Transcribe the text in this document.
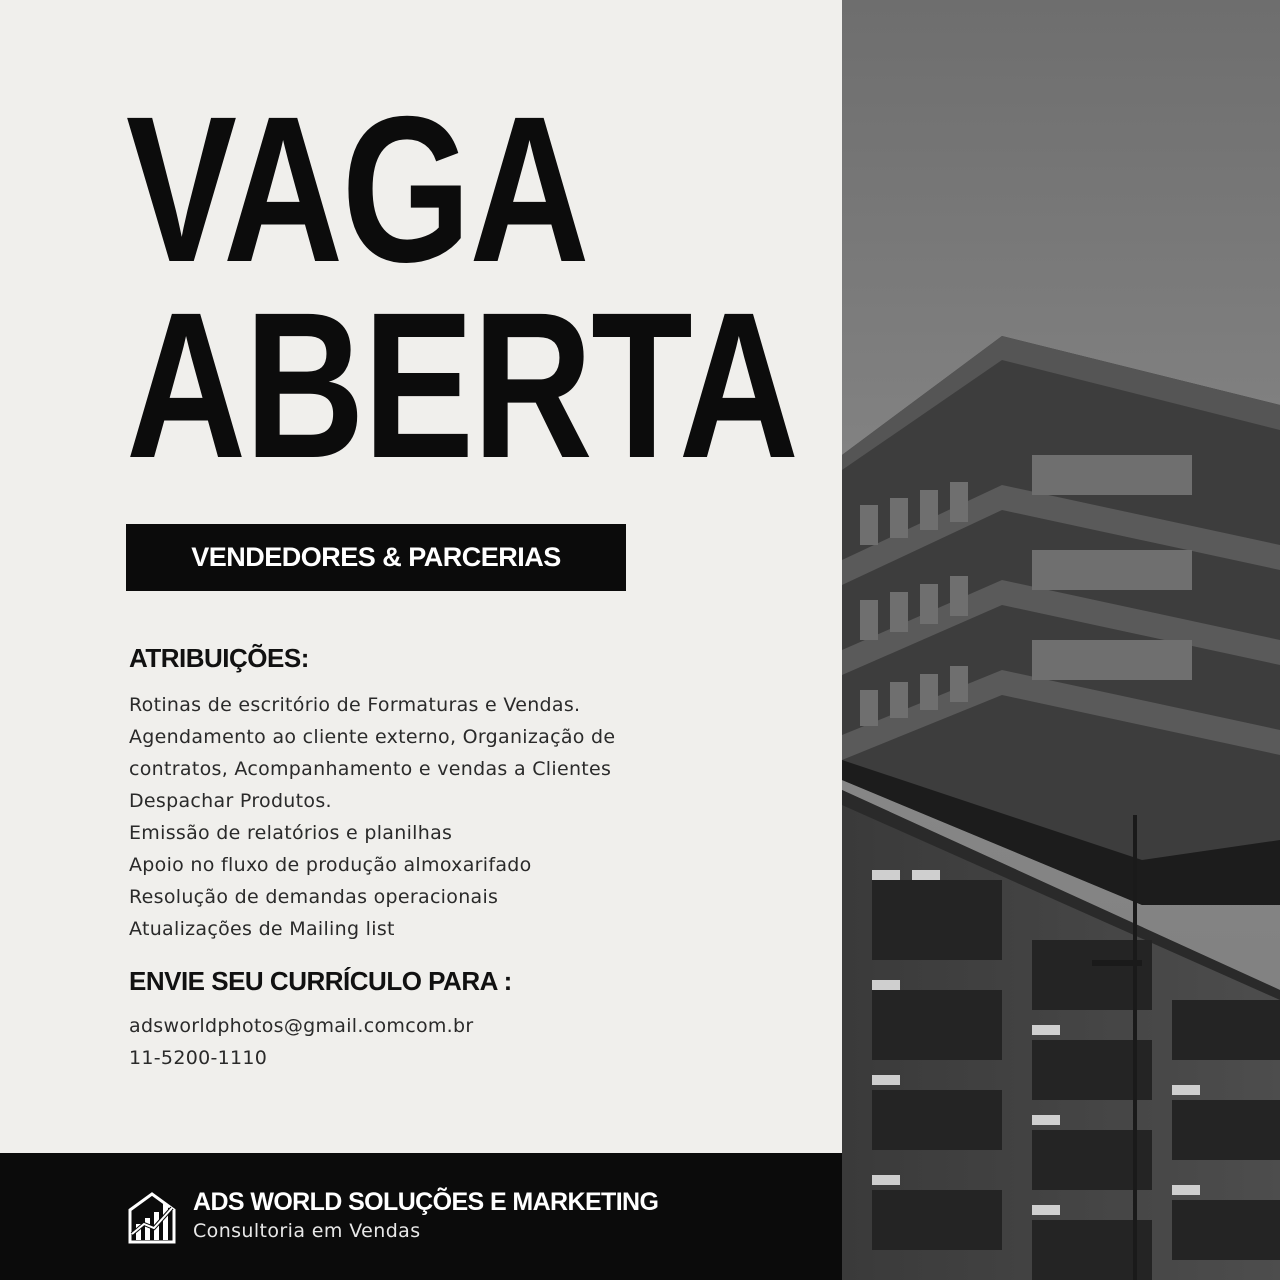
VAGA
ABERTA
VENDEDORES & PARCERIAS
ATRIBUIÇÕES:
Rotinas de escritório de Formaturas e Vendas.
Agendamento ao cliente externo, Organização de
contratos, Acompanhamento e vendas a Clientes
Despachar Produtos.
Emissão de relatórios e planilhas
Apoio no fluxo de produção almoxarifado
Resolução de demandas operacionais
Atualizações de Mailing list
ENVIE SEU CURRÍCULO PARA :
adsworldphotos@gmail.comcom.br
11-5200-1110
ADS WORLD SOLUÇÕES E MARKETING
Consultoria em Vendas
